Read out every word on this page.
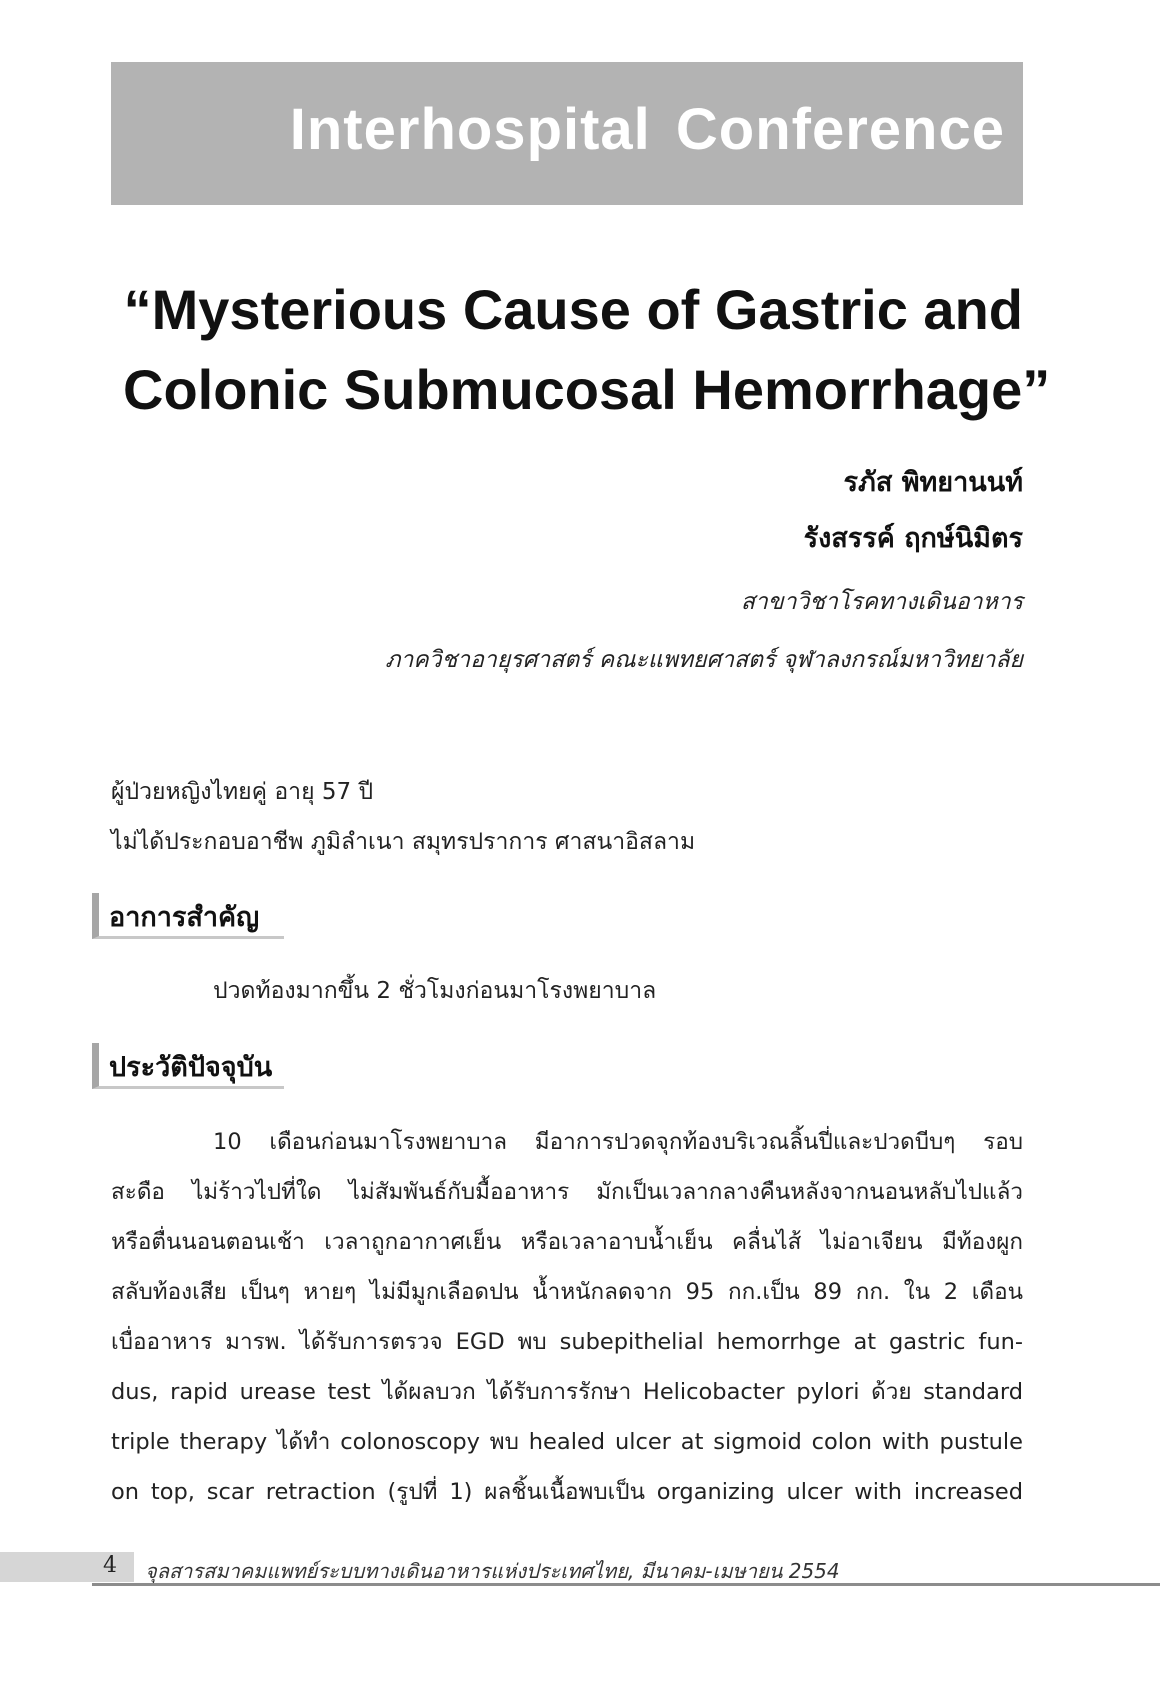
Interhospital Conference
“Mysterious Cause of Gastric and
Colonic Submucosal Hemorrhage”
รภัส พิทยานนท์
รังสรรค์ ฤกษ์นิมิตร
สาขาวิชาโรคทางเดินอาหาร
ภาควิชาอายุรศาสตร์ คณะแพทยศาสตร์ จุฬาลงกรณ์มหาวิทยาลัย
ผู้ป่วยหญิงไทยคู่ อายุ 57 ปี
ไม่ได้ประกอบอาชีพ ภูมิลำเนา สมุทรปราการ ศาสนาอิสลาม
อาการสำคัญ
ปวดท้องมากขึ้น 2 ชั่วโมงก่อนมาโรงพยาบาล
ประวัติปัจจุบัน
10 เดือนก่อนมาโรงพยาบาล มีอาการปวดจุกท้องบริเวณลิ้นปี่และปวดบีบๆ รอบ
สะดือ ไม่ร้าวไปที่ใด ไม่สัมพันธ์กับมื้ออาหาร มักเป็นเวลากลางคืนหลังจากนอนหลับไปแล้ว
หรือตื่นนอนตอนเช้า เวลาถูกอากาศเย็น หรือเวลาอาบน้ำเย็น คลื่นไส้ ไม่อาเจียน มีท้องผูก
สลับท้องเสีย เป็นๆ หายๆ ไม่มีมูกเลือดปน น้ำหนักลดจาก 95 กก.เป็น 89 กก. ใน 2 เดือน
เบื่ออาหาร มารพ. ได้รับการตรวจ EGD พบ subepithelial hemorrhge at gastric fun-
dus, rapid urease test ได้ผลบวก ได้รับการรักษา Helicobacter pylori ด้วย standard
triple therapy ได้ทำ colonoscopy พบ healed ulcer at sigmoid colon with pustule
on top, scar retraction (รูปที่ 1) ผลชิ้นเนื้อพบเป็น organizing ulcer with increased
4 จุลสารสมาคมแพทย์ระบบทางเดินอาหารแห่งประเทศไทย, มีนาคม-เมษายน 2554
